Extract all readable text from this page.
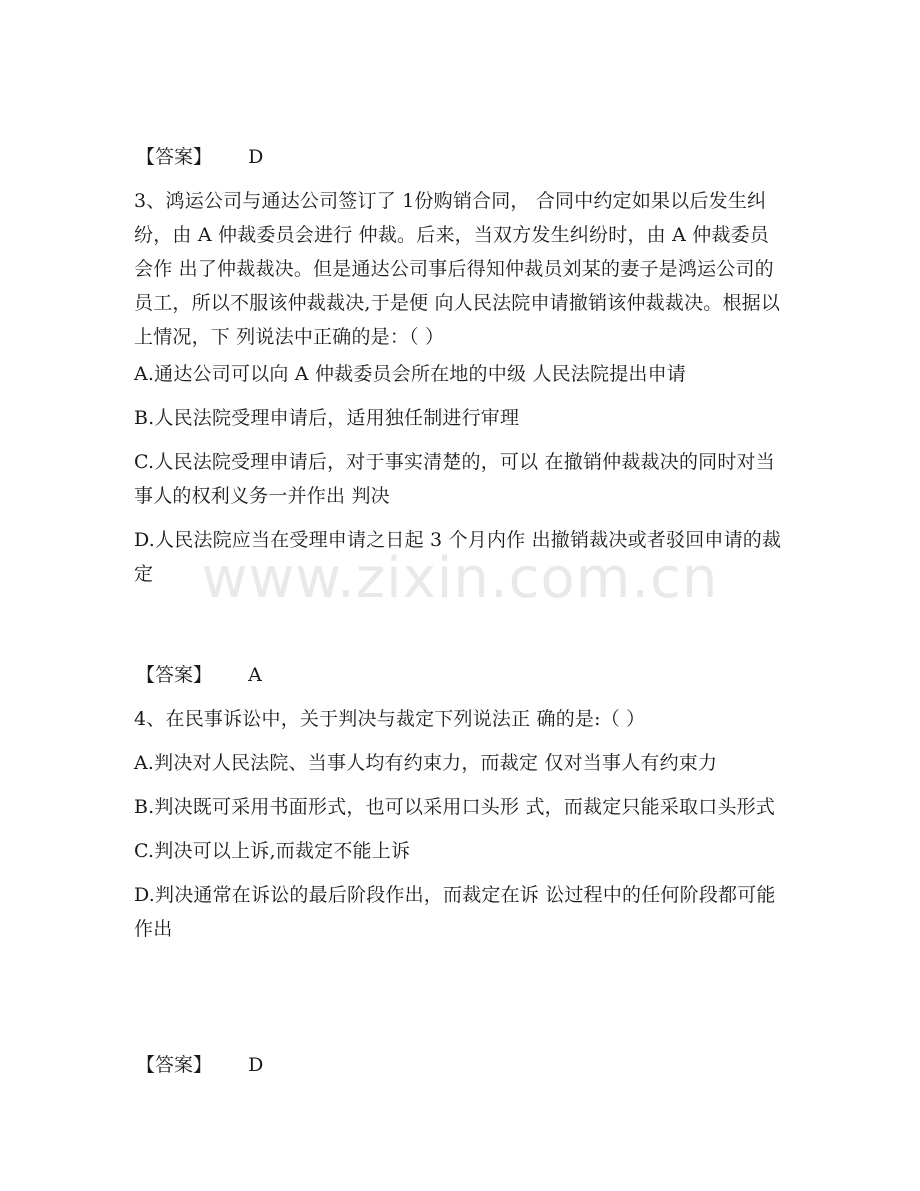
【答案】 D

3、鸿运公司与通达公司签订了 1份购销合同， 合同中约定如果以后发生纠纷，由 A 仲裁委员会进行 仲裁。后来，当双方发生纠纷时，由 A 仲裁委员会作 出了仲裁裁决。但是通达公司事后得知仲裁员刘某的妻子是鸿运公司的员工，所以不服该仲裁裁决,于是便 向人民法院申请撤销该仲裁裁决。根据以上情况，下 列说法中正确的是：（ ）

A.通达公司可以向 A 仲裁委员会所在地的中级 人民法院提出申请

B.人民法院受理申请后，适用独任制进行审理

C.人民法院受理申请后，对于事实清楚的，可以 在撤销仲裁裁决的同时对当事人的权利义务一并作出 判决

D.人民法院应当在受理申请之日起 3 个月内作 出撤销裁决或者驳回申请的裁定 www.zixin.com.cn
【答案】 A

4、在民事诉讼中，关于判决与裁定下列说法正 确的是:（ ）

A.判决对人民法院、当事人均有约束力，而裁定 仅对当事人有约束力

B.判决既可采用书面形式，也可以采用口头形 式，而裁定只能采取口头形式

C.判决可以上诉,而裁定不能上诉

D.判决通常在诉讼的最后阶段作出，而裁定在诉 讼过程中的任何阶段都可能作出

【答案】 D
